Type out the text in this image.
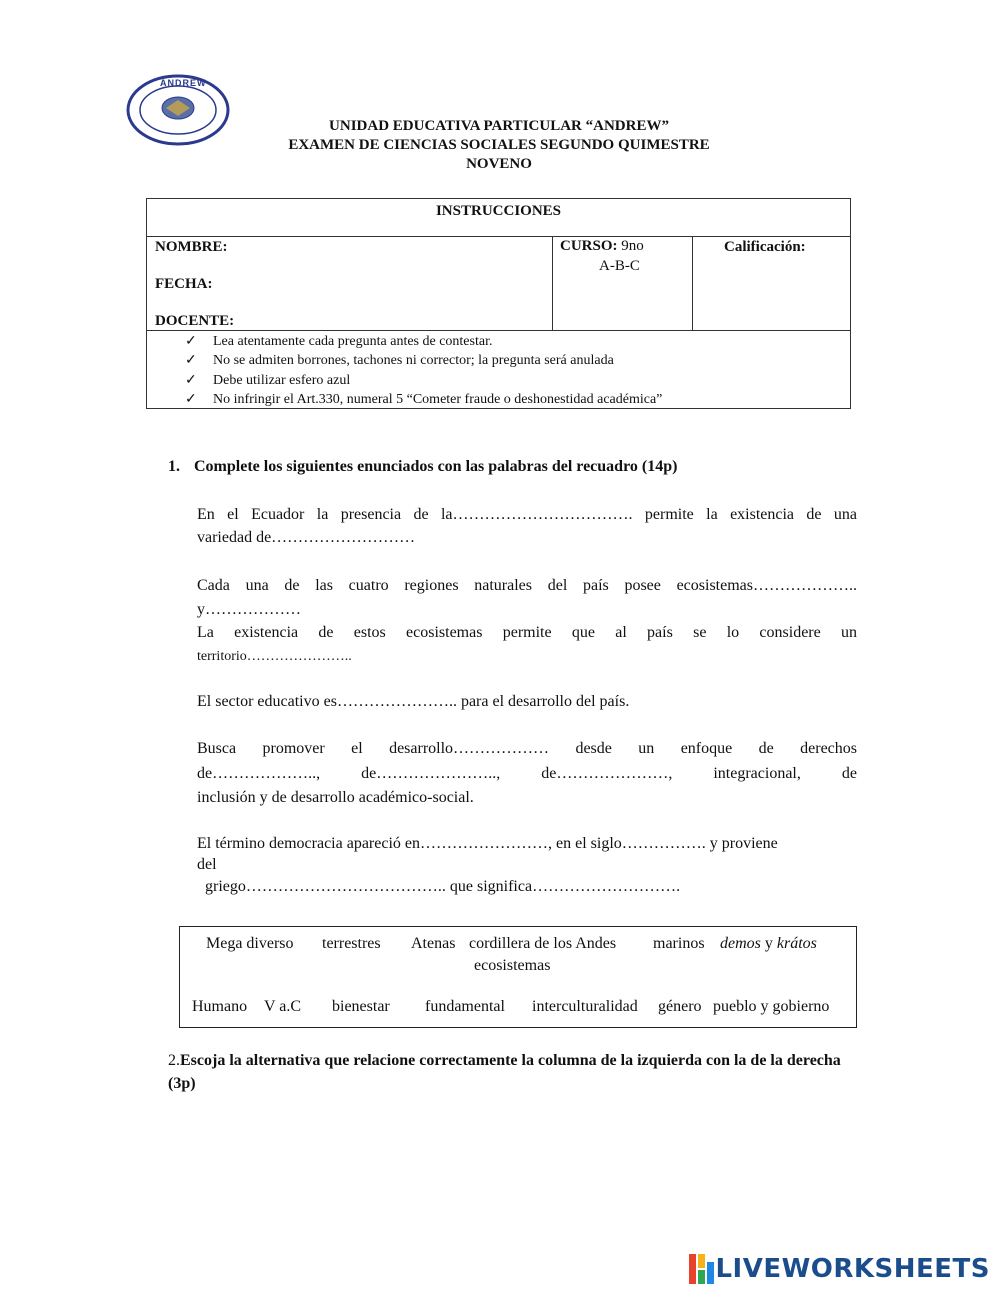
ANDREW
UNIDAD EDUCATIVA PARTICULAR “ANDREW”
EXAMEN DE CIENCIAS SOCIALES SEGUNDO QUIMESTRE
NOVENO
INSTRUCCIONES
NOMBRE:
FECHA:
DOCENTE:
CURSO: 9no
A-B-C
Calificación:
✓ Lea atentamente cada pregunta antes de contestar.
✓ No se admiten borrones, tachones ni corrector; la pregunta será anulada
✓ Debe utilizar esfero azul
✓ No infringir el Art.330, numeral 5 “Cometer fraude o deshonestidad académica”
1. Complete los siguientes enunciados con las palabras del recuadro (14p)
En el Ecuador la presencia de la……………………………. permite la existencia de una
variedad de………………………
Cada una de las cuatro regiones naturales del país posee ecosistemas………………..
y………………
La existencia de estos ecosistemas permite que al país se lo considere un
territorio…………………..
El sector educativo es………………….. para el desarrollo del país.
Busca promover el desarrollo……………… desde un enfoque de derechos
de……………….., de………………….., de…………………, integracional, de
inclusión y de desarrollo académico-social.
El término democracia apareció en……………………, en el siglo……………. y proviene
del
griego……………………………….. que significa……………………….
Mega diverso terrestres Atenas cordillera de los Andes marinos demos y krátos
ecosistemas
Humano V a.C bienestar fundamental interculturalidad género pueblo y gobierno
2.Escoja la alternativa que relacione correctamente la columna de la izquierda con la de la derecha (3p)
LIVEWORKSHEETS
